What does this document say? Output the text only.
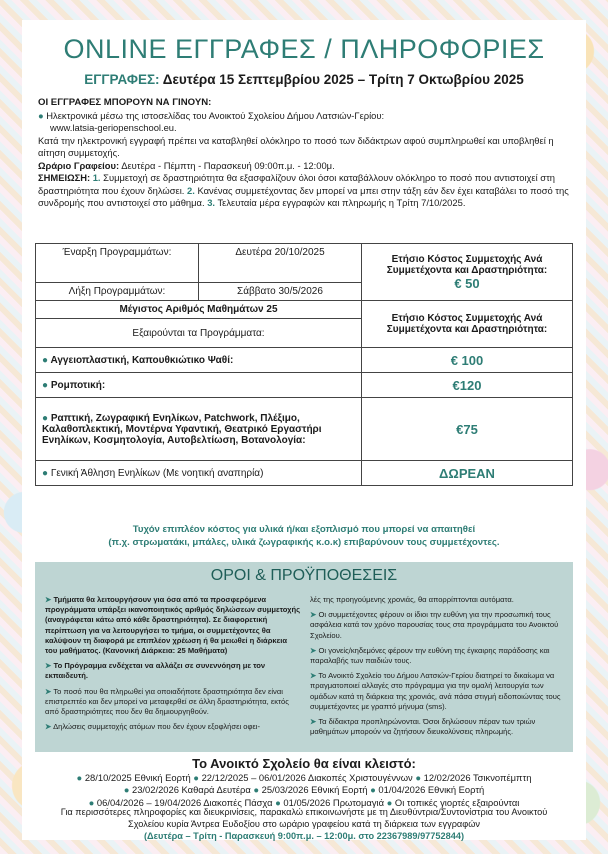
ONLINE ΕΓΓΡΑΦΕΣ / ΠΛΗΡΟΦΟΡΙΕΣ
ΕΓΓΡΑΦΕΣ: Δευτέρα 15 Σεπτεμβρίου 2025 – Τρίτη 7 Οκτωβρίου 2025
ΟΙ ΕΓΓΡΑΦΕΣ ΜΠΟΡΟΥΝ ΝΑ ΓΙΝΟΥΝ:
● Ηλεκτρονικά μέσω της ιστοσελίδας του Ανοικτού Σχολείου Δήμου Λατσιών-Γερίου:
www.latsia-geriopenschool.eu.
Κατά την ηλεκτρονική εγγραφή πρέπει να καταβληθεί ολόκληρο το ποσό των διδάκτρων αφού συμπληρωθεί και υποβληθεί η αίτηση συμμετοχής.
Ωράριο Γραφείου: Δευτέρα - Πέμπτη - Παρασκευή 09:00π.μ. - 12:00μ.
ΣΗΜΕΙΩΣΗ: 1. Συμμετοχή σε δραστηριότητα θα εξασφαλίζουν όλοι όσοι καταβάλλουν ολόκληρο το ποσό που αντιστοιχεί στη δραστηριότητα που έχουν δηλώσει. 2. Κανένας συμμετέχοντας δεν μπορεί να μπει στην τάξη εάν δεν έχει καταβάλει το ποσό της συνδρομής που αντιστοιχεί στο μάθημα. 3. Τελευταία μέρα εγγραφών και πληρωμής η Τρίτη 7/10/2025.
Έναρξη Προγραμμάτων:	Δευτέρα 20/10/2025	Ετήσιο Κόστος Συμμετοχής Ανά Συμμετέχοντα και Δραστηριότητα:
€ 50

Λήξη Προγραμμάτων:	Σάββατο 30/5/2026	
Μέγιστος Αριθμός Μαθημάτων 25		Ετήσιο Κόστος Συμμετοχής Ανά Συμμετέχοντα και Δραστηριότητα:
Εξαιρούνται τα Προγράμματα:		
● Αγγειοπλαστική, Καπουθκιώτικο Ψαθί:		€ 100
● Ρομποτική:		€120
● Ραπτική, Ζωγραφική Ενηλίκων, Patchwork, Πλέξιμο, Καλαθοπλεκτική, Μοντέρνα Υφαντική, Θεατρικό Εργαστήρι Ενηλίκων, Κοσμητολογία, Αυτοβελτίωση, Βοτανολογία:		€75
● Γενική Άθληση Ενηλίκων (Με νοητική αναπηρία)		ΔΩΡΕΑΝ
Τυχόν επιπλέον κόστος για υλικά ή/και εξοπλισμό που μπορεί να απαιτηθεί
(π.χ. στρωματάκι, μπάλες, υλικά ζωγραφικής κ.ο.κ) επιβαρύνουν τους συμμετέχοντες.
ΟΡΟΙ & ΠΡΟΫΠΟΘΕΣΕΙΣ

➤ Τμήματα θα λειτουργήσουν για όσα από τα προσφερόμενα προγράμματα υπάρξει ικανοποιητικός αριθμός δηλώσεων συμμετοχής (αναγράφεται κάτω από κάθε δραστηριότητα). Σε διαφορετική περίπτωση για να λειτουργήσει το τμήμα, οι συμμετέχοντες θα καλύψουν τη διαφορά με επιπλέον χρέωση ή θα μειωθεί η διάρκεια του μαθήματος. (Κανονική Διάρκεια: 25 Μαθήματα)

➤ Το Πρόγραμμα ενδέχεται να αλλάζει σε συνεννόηση με τον εκπαιδευτή.

➤ Το ποσό που θα πληρωθεί για οποιαδήποτε δραστηριότητα δεν είναι επιστρεπτέο και δεν μπορεί να μεταφερθεί σε άλλη δραστηριότητα, εκτός από δραστηριότητες που δεν θα δημιουργηθούν.

➤ Δηλώσεις συμμετοχής ατόμων που δεν έχουν εξοφλήσει οφει-

λές της προηγούμενης χρονιάς, θα απορρίπτονται αυτόματα.

➤ Οι συμμετέχοντες φέρουν οι ίδιοι την ευθύνη για την προσωπική τους ασφάλεια κατά τον χρόνο παρουσίας τους στα προγράμματα του Ανοικτού Σχολείου.

➤ Οι γονείς/κηδεμόνες φέρουν την ευθύνη της έγκαιρης παράδοσης και παραλαβής των παιδιών τους.

➤ Το Ανοικτό Σχολείο του Δήμου Λατσιών-Γερίου διατηρεί το δικαίωμα να πραγματοποιεί αλλαγές στο πρόγραμμα για την ομαλή λειτουργία των ομάδων κατά τη διάρκεια της χρονιάς, ανά πάσα στιγμή ειδοποιώντας τους συμμετέχοντες με γραπτό μήνυμα (sms).

➤ Τα δίδακτρα προπληρώνονται. Όσοι δηλώσουν πέραν των τριών μαθημάτων μπορούν να ζητήσουν διευκολύνσεις πληρωμής.

Το Ανοικτό Σχολείο θα είναι κλειστό:
● 28/10/2025 Εθνική Εορτή ● 22/12/2025 – 06/01/2026 Διακοπές Χριστουγέννων ● 12/02/2026 Τσικνοπέμπτη
● 23/02/2026 Καθαρά Δευτέρα ● 25/03/2026 Εθνική Εορτή ● 01/04/2026 Εθνική Εορτή
● 06/04/2026 – 19/04/2026 Διακοπές Πάσχα ● 01/05/2026 Πρωτομαγιά ● Οι τοπικές γιορτές εξαιρούνται
Για περισσότερες πληροφορίες και διευκρινίσεις, παρακαλώ επικοινωνήστε με τη Διευθύντρια/Συντονίστρια του Ανοικτού
Σχολείου κυρία Άντρεα Ευδοξίου στο ωράριο γραφείου κατά τη διάρκεια των εγγραφών
(Δευτέρα – Τρίτη - Παρασκευή 9:00π.μ. – 12:00μ. στο 22367989/97752844)
